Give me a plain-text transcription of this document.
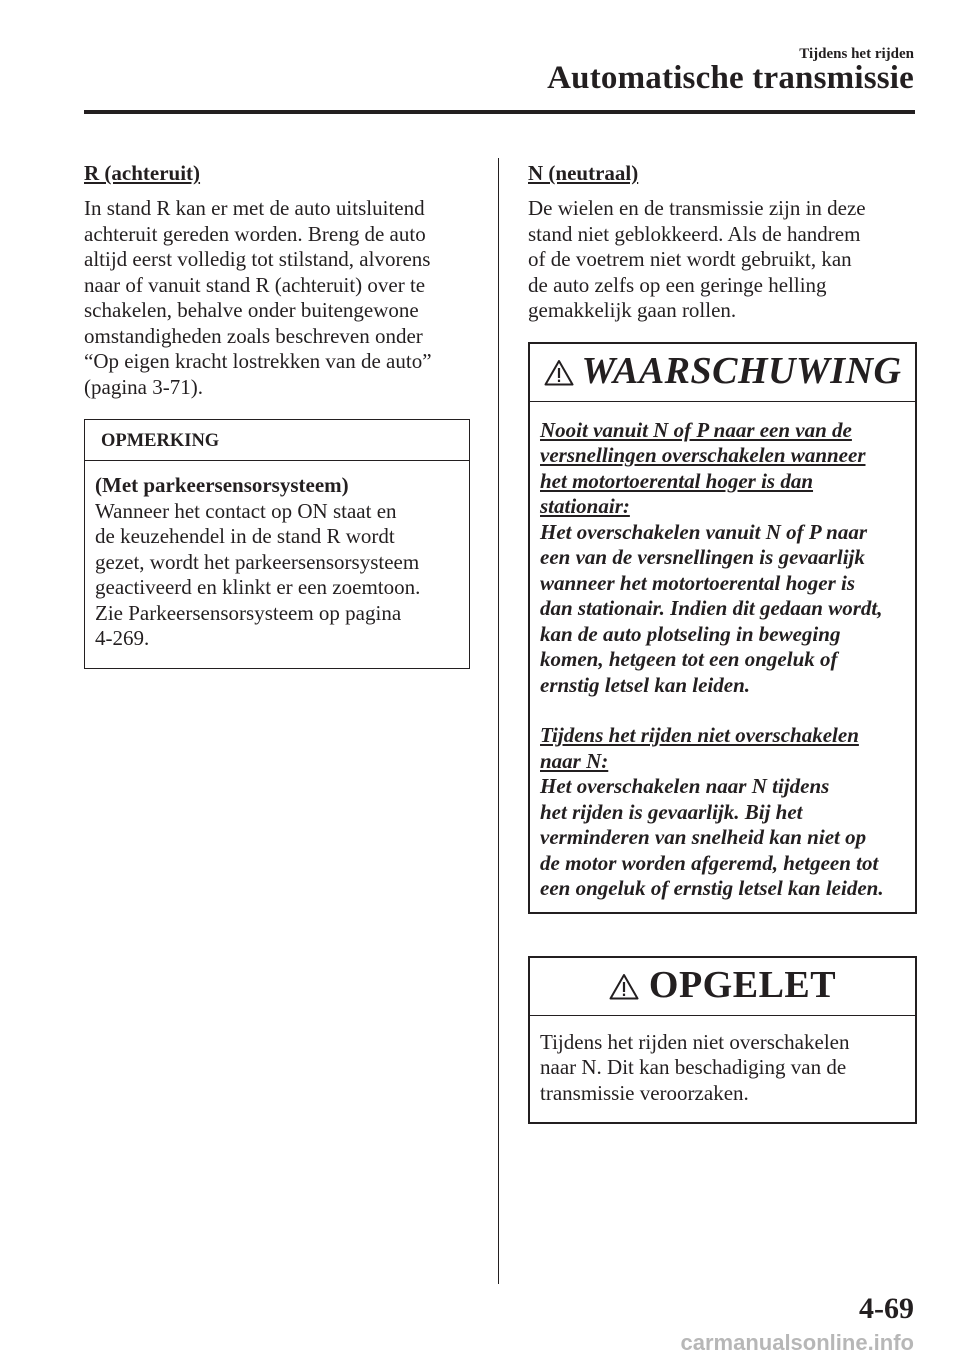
Tijdens het rijden
Automatische transmissie
R (achteruit)

In stand R kan er met de auto uitsluitend
achteruit gereden worden. Breng de auto
altijd eerst volledig tot stilstand, alvorens
naar of vanuit stand R (achteruit) over te
schakelen, behalve onder buitengewone
omstandigheden zoals beschreven onder
“Op eigen kracht lostrekken van de auto”
(pagina 3-71).

OPMERKING
(Met parkeersensorsysteem)
Wanneer het contact op ON staat en
de keuzehendel in de stand R wordt
gezet, wordt het parkeersensorsysteem
geactiveerd en klinkt er een zoemtoon.
Zie Parkeersensorsysteem op pagina
4-269.
N (neutraal)

De wielen en de transmissie zijn in deze
stand niet geblokkeerd. Als de handrem
of de voetrem niet wordt gebruikt, kan
de auto zelfs op een geringe helling
gemakkelijk gaan rollen.

WAARSCHUWING
Nooit vanuit N of P naar een van de
versnellingen overschakelen wanneer
het motortoerental hoger is dan
stationair:
Het overschakelen vanuit N of P naar
een van de versnellingen is gevaarlijk
wanneer het motortoerental hoger is
dan stationair. Indien dit gedaan wordt,
kan de auto plotseling in beweging
komen, hetgeen tot een ongeluk of
ernstig letsel kan leiden.
Tijdens het rijden niet overschakelen
naar N:
Het overschakelen naar N tijdens
het rijden is gevaarlijk. Bij het
verminderen van snelheid kan niet op
de motor worden afgeremd, hetgeen tot
een ongeluk of ernstig letsel kan leiden.
OPGELET
Tijdens het rijden niet overschakelen
naar N. Dit kan beschadiging van de
transmissie veroorzaken.
4-69
carmanualsonline.info
